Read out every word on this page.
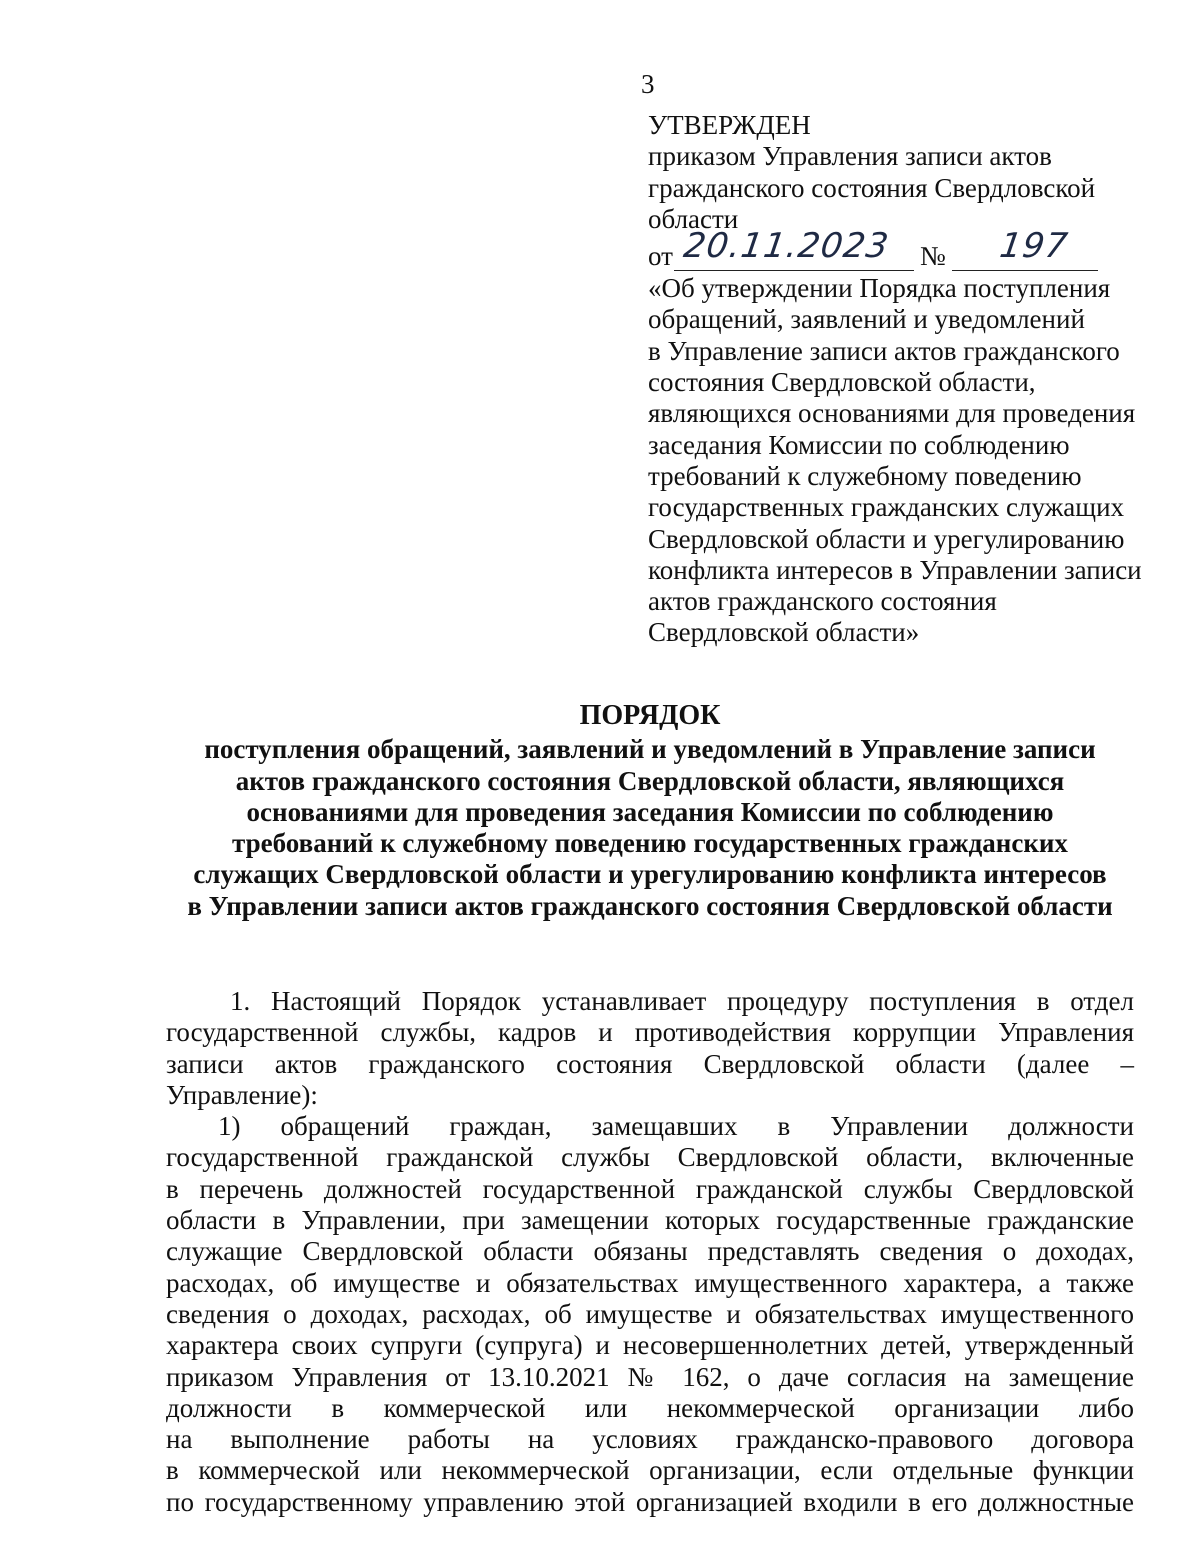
3
УТВЕРЖДЕН
приказом Управления записи актов
гражданского состояния Свердловской
области
от 20.11.2023 № 197
«Об утверждении Порядка поступления
обращений, заявлений и уведомлений
в Управление записи актов гражданского
состояния Свердловской области,
являющихся основаниями для проведения
заседания Комиссии по соблюдению
требований к служебному поведению
государственных гражданских служащих
Свердловской области и урегулированию
конфликта интересов в Управлении записи
актов гражданского состояния
Свердловской области»
ПОРЯДОК
поступления обращений, заявлений и уведомлений в Управление записи
актов гражданского состояния Свердловской области, являющихся
основаниями для проведения заседания Комиссии по соблюдению
требований к служебному поведению государственных гражданских
служащих Свердловской области и урегулированию конфликта интересов
в Управлении записи актов гражданского состояния Свердловской области
1. Настоящий Порядок устанавливает процедуру поступления в отдел
государственной службы, кадров и противодействия коррупции Управления
записи актов гражданского состояния Свердловской области (далее –
Управление):
1) обращений граждан, замещавших в Управлении должности
государственной гражданской службы Свердловской области, включенные
в перечень должностей государственной гражданской службы Свердловской
области в Управлении, при замещении которых государственные гражданские
служащие Свердловской области обязаны представлять сведения о доходах,
расходах, об имуществе и обязательствах имущественного характера, а также
сведения о доходах, расходах, об имуществе и обязательствах имущественного
характера своих супруги (супруга) и несовершеннолетних детей, утвержденный
приказом Управления от 13.10.2021 № 162, о даче согласия на замещение
должности в коммерческой или некоммерческой организации либо
на выполнение работы на условиях гражданско-правового договора
в коммерческой или некоммерческой организации, если отдельные функции
по государственному управлению этой организацией входили в его должностные
